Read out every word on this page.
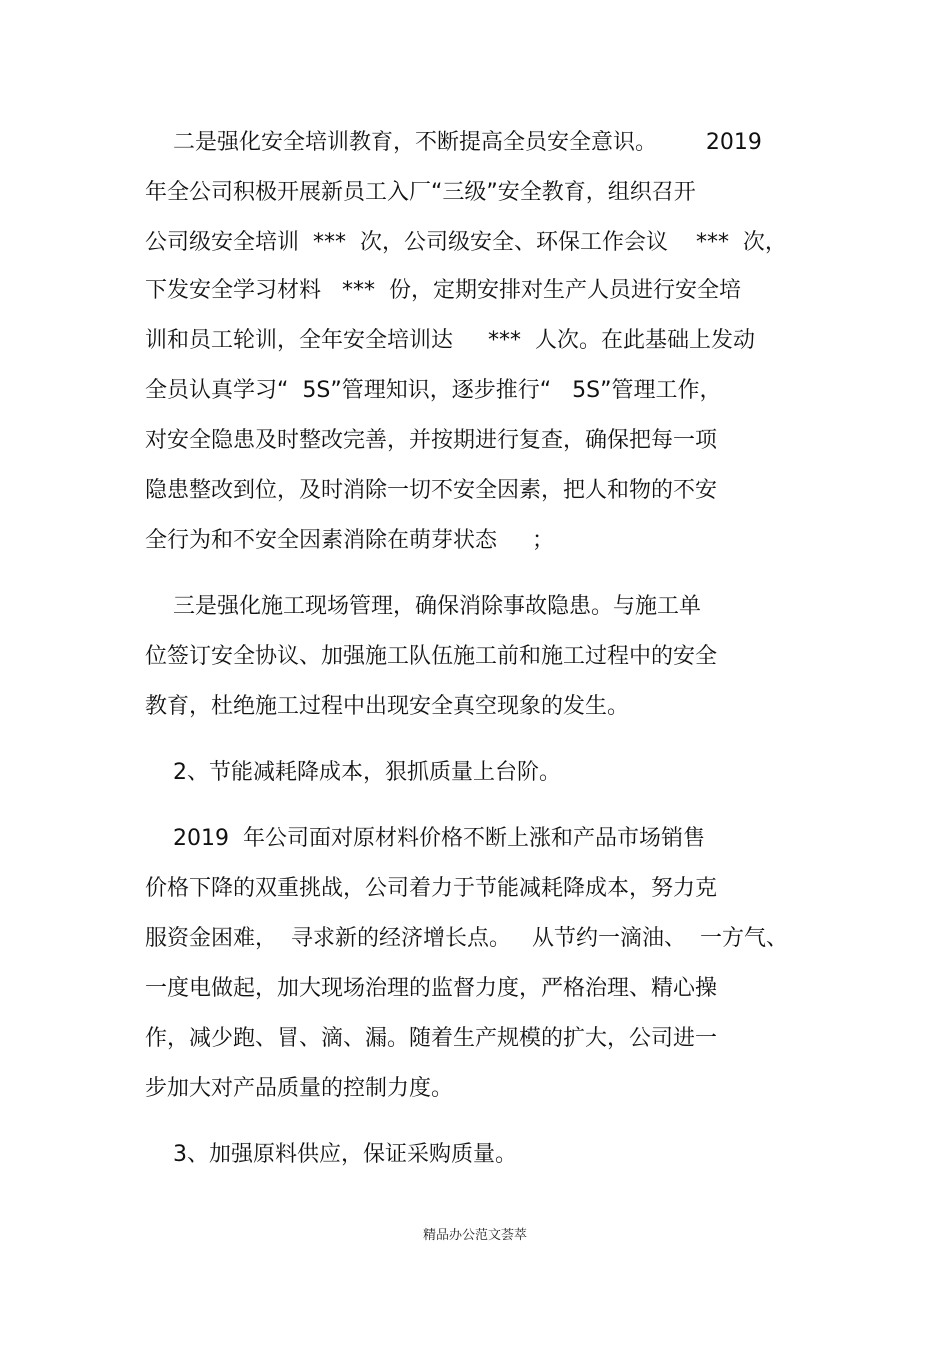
二是强化安全培训教育，不断提高全员安全意识。       2019
年全公司积极开展新员工入厂“三级”安全教育，组织召开
公司级安全培训  ***  次，公司级安全、环保工作会议    ***  次，
下发安全学习材料   ***  份，定期安排对生产人员进行安全培
训和员工轮训，全年安全培训达     ***  人次。在此基础上发动
全员认真学习“  5S”管理知识，逐步推行“   5S”管理工作，
对安全隐患及时整改完善，并按期进行复查，确保把每一项
隐患整改到位，及时消除一切不安全因素，把人和物的不安
全行为和不安全因素消除在萌芽状态     ；
三是强化施工现场管理，确保消除事故隐患。与施工单
位签订安全协议、加强施工队伍施工前和施工过程中的安全
教育，杜绝施工过程中出现安全真空现象的发生。
2、节能减耗降成本，狠抓质量上台阶。
2019  年公司面对原材料价格不断上涨和产品市场销售
价格下降的双重挑战，公司着力于节能减耗降成本，努力克
服资金困难，  寻求新的经济增长点。   从节约一滴油、  一方气、
一度电做起，加大现场治理的监督力度，严格治理、精心操
作，减少跑、冒、滴、漏。随着生产规模的扩大，公司进一
步加大对产品质量的控制力度。
3、加强原料供应，保证采购质量。
精品办公范文荟萃
